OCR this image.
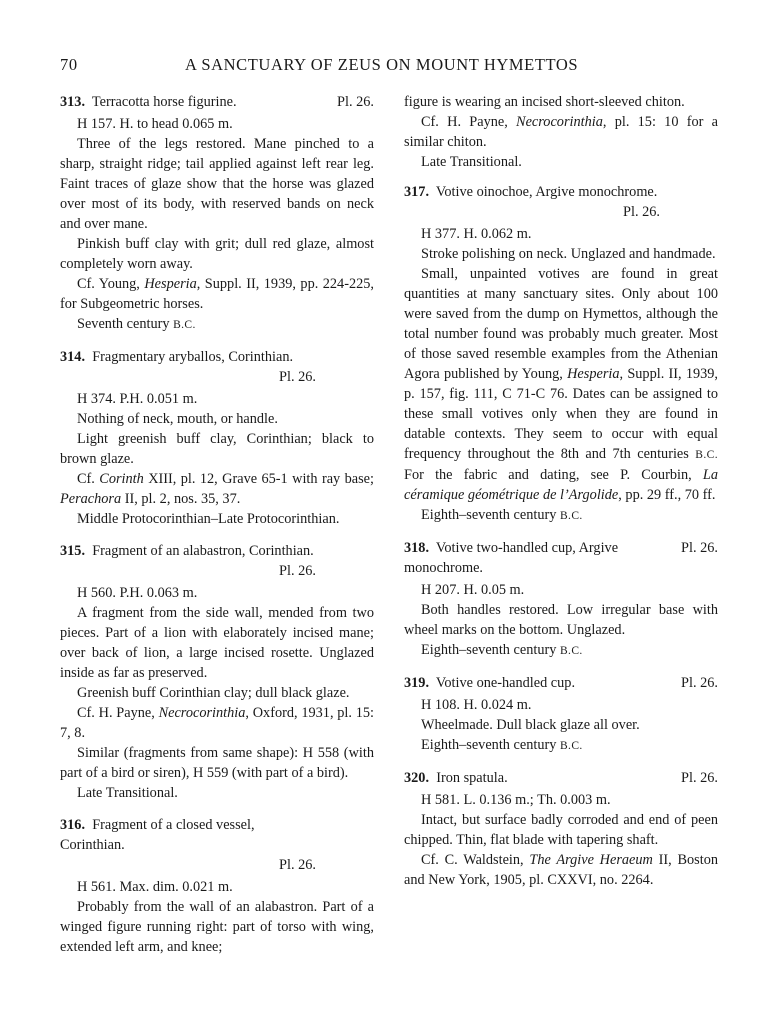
70	A SANCTUARY OF ZEUS ON MOUNT HYMETTOS
313. Terracotta horse figurine.	Pl. 26.

H 157. H. to head 0.065 m.

Three of the legs restored. Mane pinched to a sharp, straight ridge; tail applied against left rear leg. Faint traces of glaze show that the horse was glazed over most of its body, with reserved bands on neck and over mane.

Pinkish buff clay with grit; dull red glaze, almost completely worn away.

Cf. Young, Hesperia, Suppl. II, 1939, pp. 224-225, for Subgeometric horses.

Seventh century B.C.

314. Fragmentary aryballos, Corinthian.
Pl. 26.

H 374. P.H. 0.051 m.

Nothing of neck, mouth, or handle.

Light greenish buff clay, Corinthian; black to brown glaze.

Cf. Corinth XIII, pl. 12, Grave 65-1 with ray base; Perachora II, pl. 2, nos. 35, 37.

Middle Protocorinthian–Late Protocorinthian.

315. Fragment of an alabastron, Corinthian.
Pl. 26.

H 560. P.H. 0.063 m.

A fragment from the side wall, mended from two pieces. Part of a lion with elaborately incised mane; over back of lion, a large incised rosette. Unglazed inside as far as preserved.

Greenish buff Corinthian clay; dull black glaze.

Cf. H. Payne, Necrocorinthia, Oxford, 1931, pl. 15: 7, 8.

Similar (fragments from same shape): H 558 (with part of a bird or siren), H 559 (with part of a bird).

Late Transitional.

316. Fragment of a closed vessel, Corinthian.
Pl. 26.

H 561. Max. dim. 0.021 m.

Probably from the wall of an alabastron. Part of a winged figure running right: part of torso with wing, extended left arm, and knee;

figure is wearing an incised short-sleeved chiton.

Cf. H. Payne, Necrocorinthia, pl. 15: 10 for a similar chiton.

Late Transitional.

317. Votive oinochoe, Argive monochrome.
Pl. 26.

H 377. H. 0.062 m.

Stroke polishing on neck. Unglazed and handmade.

Small, unpainted votives are found in great quantities at many sanctuary sites. Only about 100 were saved from the dump on Hymettos, although the total number found was probably much greater. Most of those saved resemble examples from the Athenian Agora published by Young, Hesperia, Suppl. II, 1939, p. 157, fig. 111, C 71-C 76. Dates can be assigned to these small votives only when they are found in datable contexts. They seem to occur with equal frequency throughout the 8th and 7th centuries B.C. For the fabric and dating, see P. Courbin, La céramique géométrique de l’Argolide, pp. 29 ff., 70 ff.

Eighth–seventh century B.C.

318. Votive two-handled cup, Argive monochrome.
Pl. 26.

H 207. H. 0.05 m.

Both handles restored. Low irregular base with wheel marks on the bottom. Unglazed.

Eighth–seventh century B.C.

319. Votive one-handled cup.	Pl. 26.

H 108. H. 0.024 m.

Wheelmade. Dull black glaze all over.

Eighth–seventh century B.C.

320. Iron spatula.	Pl. 26.

H 581. L. 0.136 m.; Th. 0.003 m.

Intact, but surface badly corroded and end of peen chipped. Thin, flat blade with tapering shaft.

Cf. C. Waldstein, The Argive Heraeum II, Boston and New York, 1905, pl. CXXVI, no. 2264.
